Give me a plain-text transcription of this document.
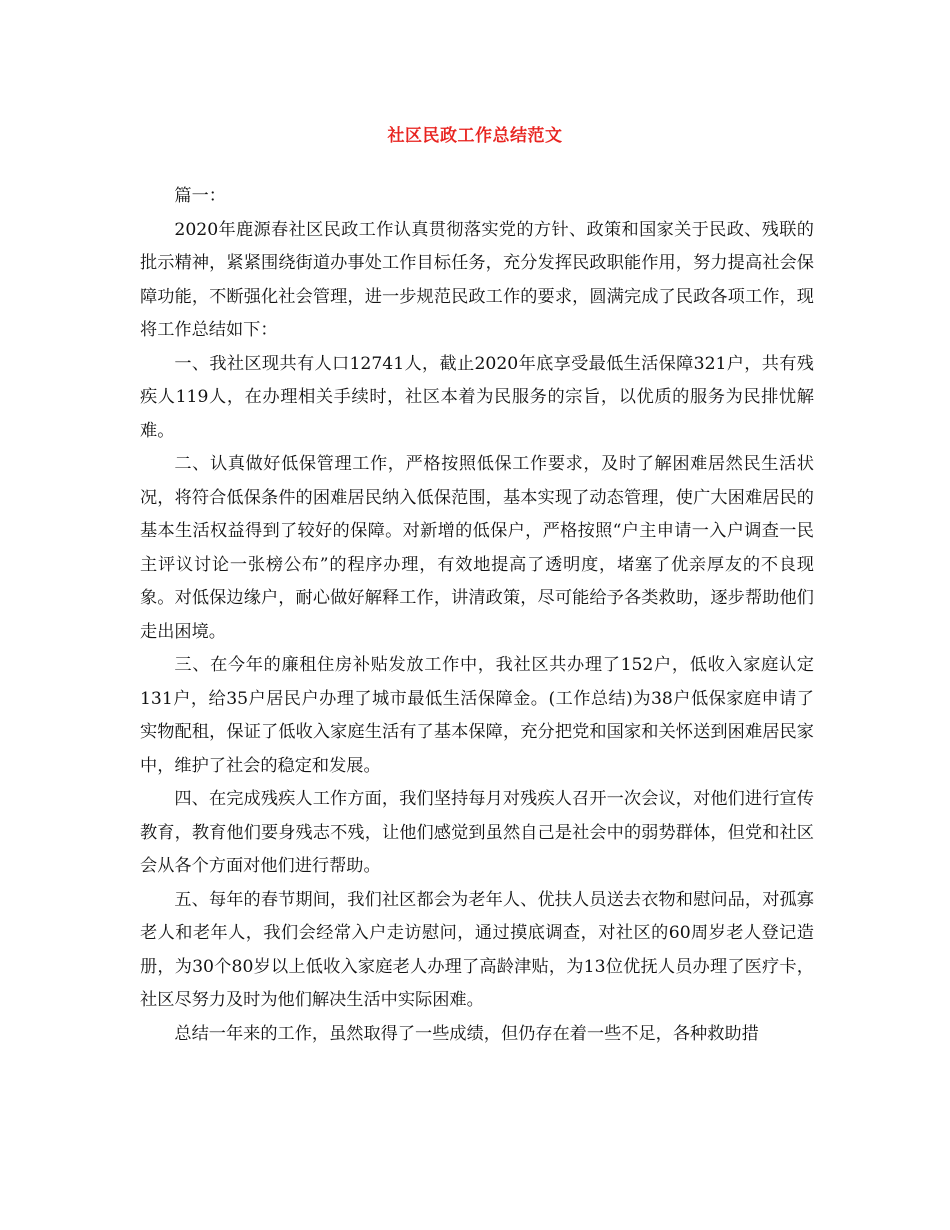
社区民政工作总结范文

篇一：

2020年鹿源春社区民政工作认真贯彻落实党的方针、政策和国家关于民政、残联的批示精神，紧紧围绕街道办事处工作目标任务，充分发挥民政职能作用，努力提高社会保障功能，不断强化社会管理，进一步规范民政工作的要求，圆满完成了民政各项工作，现将工作总结如下：

一、我社区现共有人口12741人，截止2020年底享受最低生活保障321户，共有残疾人119人，在办理相关手续时，社区本着为民服务的宗旨，以优质的服务为民排忧解难。

二、认真做好低保管理工作，严格按照低保工作要求，及时了解困难居然民生活状况，将符合低保条件的困难居民纳入低保范围，基本实现了动态管理，使广大困难居民的基本生活权益得到了较好的保障。对新增的低保户，严格按照“户主申请一入户调查一民主评议讨论一张榜公布”的程序办理，有效地提高了透明度，堵塞了优亲厚友的不良现象。对低保边缘户，耐心做好解释工作，讲清政策，尽可能给予各类救助，逐步帮助他们走出困境。

三、在今年的廉租住房补贴发放工作中，我社区共办理了152户，低收入家庭认定131户，给35户居民户办理了城市最低生活保障金。(工作总结)为38户低保家庭申请了实物配租，保证了低收入家庭生活有了基本保障，充分把党和国家和关怀送到困难居民家中，维护了社会的稳定和发展。

四、在完成残疾人工作方面，我们坚持每月对残疾人召开一次会议，对他们进行宣传教育，教育他们要身残志不残，让他们感觉到虽然自己是社会中的弱势群体，但党和社区会从各个方面对他们进行帮助。

五、每年的春节期间，我们社区都会为老年人、优扶人员送去衣物和慰问品，对孤寡老人和老年人，我们会经常入户走访慰问，通过摸底调查，对社区的60周岁老人登记造册，为30个80岁以上低收入家庭老人办理了高龄津贴，为13位优抚人员办理了医疗卡，社区尽努力及时为他们解决生活中实际困难。

总结一年来的工作，虽然取得了一些成绩，但仍存在着一些不足，各种救助措
